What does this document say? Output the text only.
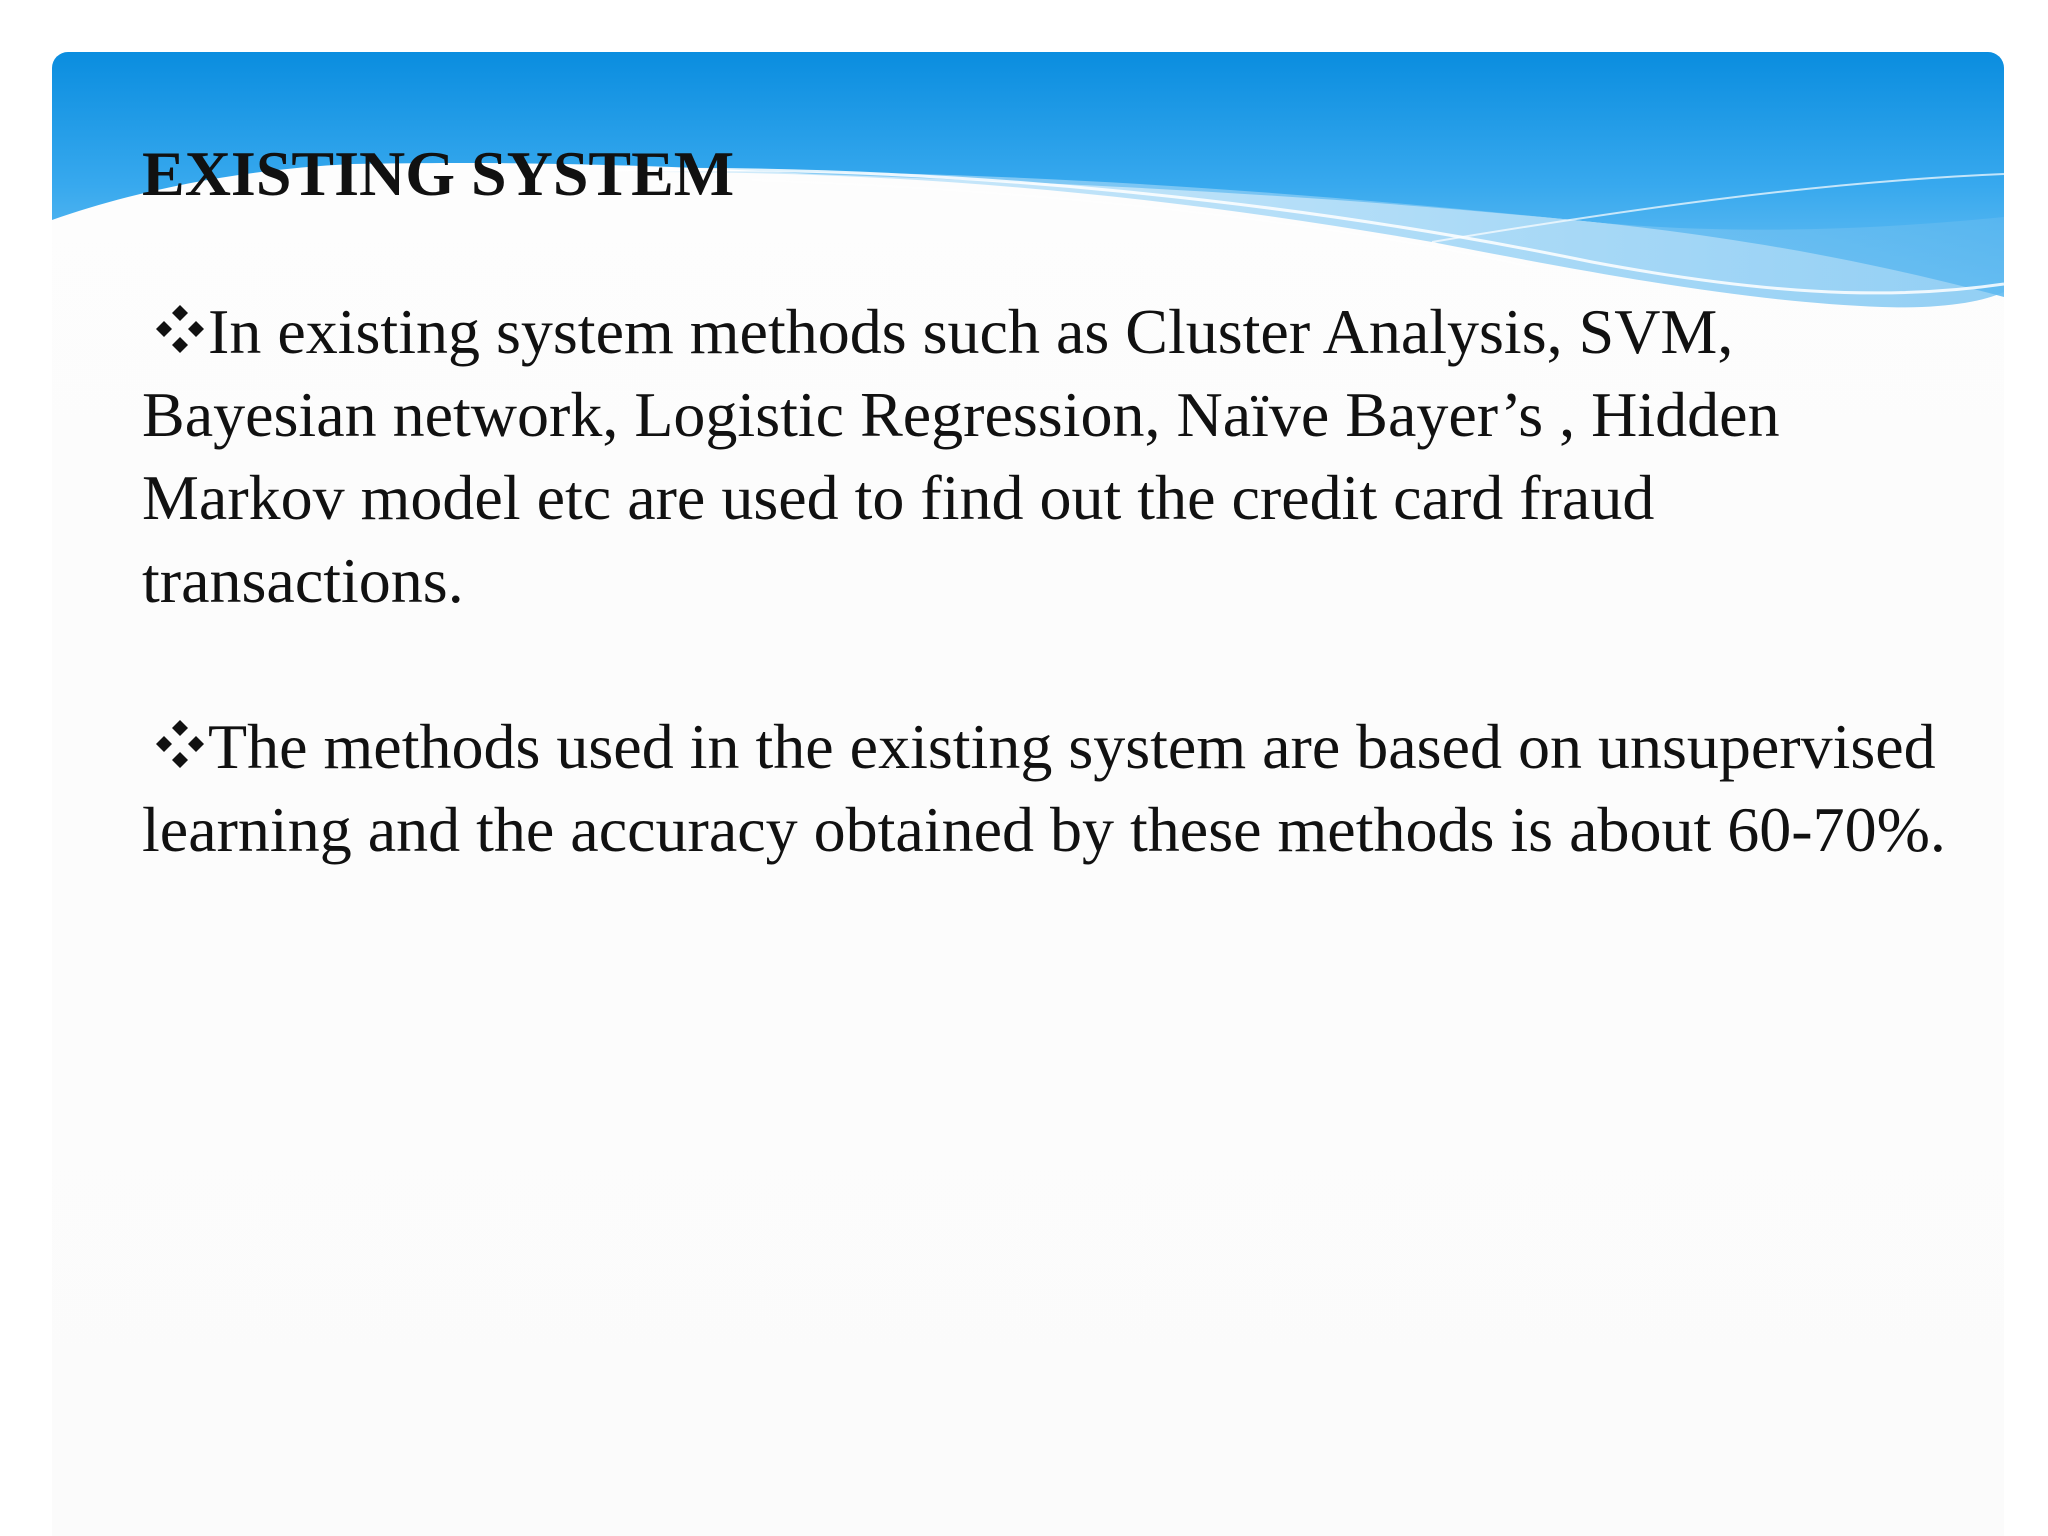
EXISTING SYSTEM

In existing system methods such as Cluster Analysis, SVM, Bayesian network, Logistic Regression, Naïve Bayer’s , Hidden Markov model etc are used to find out the credit card fraud transactions.

The methods used in the existing system are based on unsupervised learning and the accuracy obtained by these methods is about 60-70%.
